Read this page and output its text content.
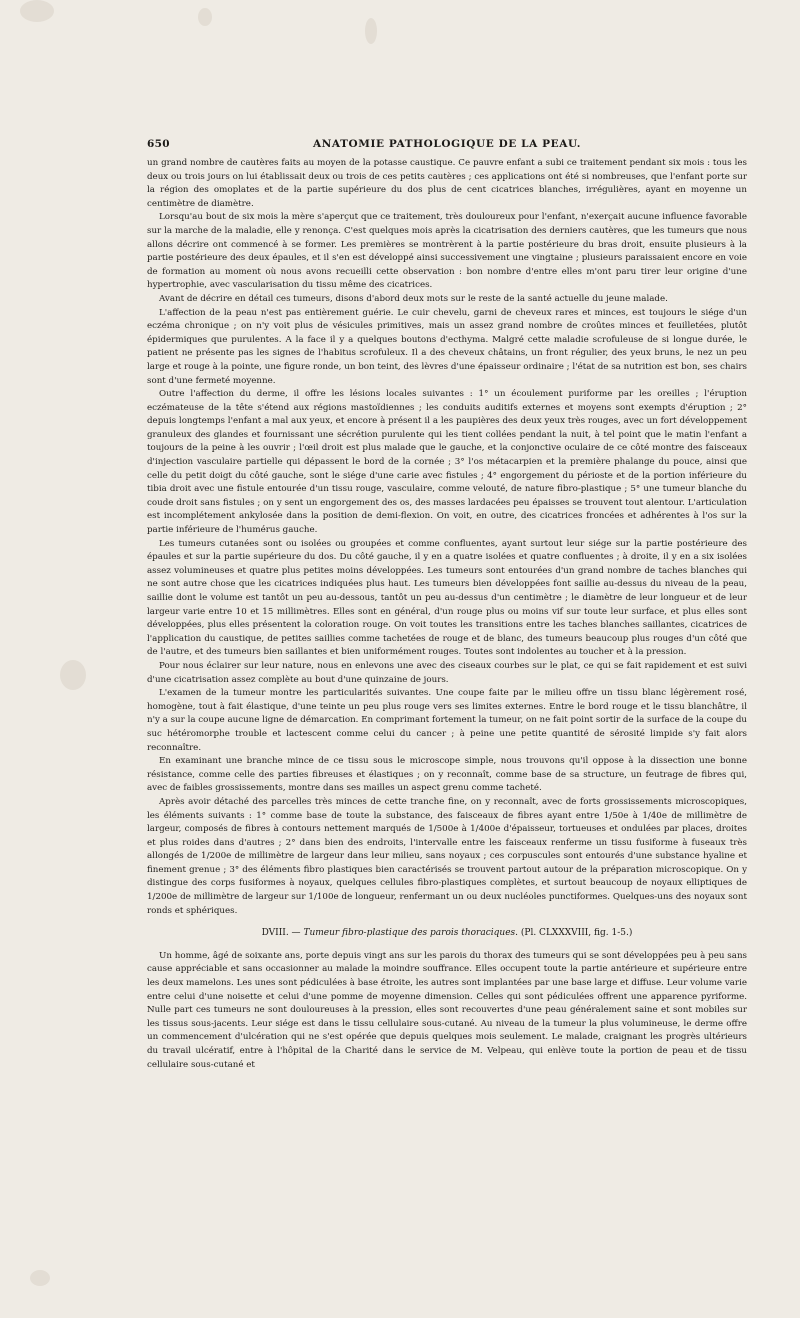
650	ANATOMIE PATHOLOGIQUE DE LA PEAU.

un grand nombre de cautères faits au moyen de la potasse caustique. Ce pauvre enfant a subi ce traitement pendant six mois : tous les deux ou trois jours on lui établissait deux ou trois de ces petits cautères ; ces applications ont été si nombreuses, que l'enfant porte sur la région des omoplates et de la partie supérieure du dos plus de cent cicatrices blanches, irrégulières, ayant en moyenne un centimètre de diamètre.

Lorsqu'au bout de six mois la mère s'aperçut que ce traitement, très douloureux pour l'enfant, n'exerçait aucune influence favorable sur la marche de la maladie, elle y renonça. C'est quelques mois après la cicatrisation des derniers cautères, que les tumeurs que nous allons décrire ont commencé à se former. Les premières se montrèrent à la partie postérieure du bras droit, ensuite plusieurs à la partie postérieure des deux épaules, et il s'en est développé ainsi successivement une vingtaine ; plusieurs paraissaient encore en voie de formation au moment où nous avons recueilli cette observation : bon nombre d'entre elles m'ont paru tirer leur origine d'une hypertrophie, avec vascularisation du tissu même des cicatrices.

Avant de décrire en détail ces tumeurs, disons d'abord deux mots sur le reste de la santé actuelle du jeune malade.

L'affection de la peau n'est pas entièrement guérie. Le cuir chevelu, garni de cheveux rares et minces, est toujours le siége d'un eczéma chronique ; on n'y voit plus de vésicules primitives, mais un assez grand nombre de croûtes minces et feuilletées, plutôt épidermiques que purulentes. A la face il y a quelques boutons d'ecthyma. Malgré cette maladie scrofuleuse de si longue durée, le patient ne présente pas les signes de l'habitus scrofuleux. Il a des cheveux châtains, un front régulier, des yeux bruns, le nez un peu large et rouge à la pointe, une figure ronde, un bon teint, des lèvres d'une épaisseur ordinaire ; l'état de sa nutrition est bon, ses chairs sont d'une fermeté moyenne.

Outre l'affection du derme, il offre les lésions locales suivantes : 1° un écoulement puriforme par les oreilles ; l'éruption eczémateuse de la tête s'étend aux régions mastoïdiennes ; les conduits auditifs externes et moyens sont exempts d'éruption ; 2° depuis longtemps l'enfant a mal aux yeux, et encore à présent il a les paupières des deux yeux très rouges, avec un fort développement granuleux des glandes et fournissant une sécrétion purulente qui les tient collées pendant la nuit, à tel point que le matin l'enfant a toujours de la peine à les ouvrir ; l'œil droit est plus malade que le gauche, et la conjonctive oculaire de ce côté montre des faisceaux d'injection vasculaire partielle qui dépassent le bord de la cornée ; 3° l'os métacarpien et la première phalange du pouce, ainsi que celle du petit doigt du côté gauche, sont le siége d'une carie avec fistules ; 4° engorgement du périoste et de la portion inférieure du tibia droit avec une fistule entourée d'un tissu rouge, vasculaire, comme velouté, de nature fibro-plastique ; 5° une tumeur blanche du coude droit sans fistules ; on y sent un engorgement des os, des masses lardacées peu épaisses se trouvent tout alentour. L'articulation est incomplétement ankylosée dans la position de demi-flexion. On voit, en outre, des cicatrices froncées et adhérentes à l'os sur la partie inférieure de l'humérus gauche.

Les tumeurs cutanées sont ou isolées ou groupées et comme confluentes, ayant surtout leur siége sur la partie postérieure des épaules et sur la partie supérieure du dos. Du côté gauche, il y en a quatre isolées et quatre confluentes ; à droite, il y en a six isolées assez volumineuses et quatre plus petites moins développées. Les tumeurs sont entourées d'un grand nombre de taches blanches qui ne sont autre chose que les cicatrices indiquées plus haut. Les tumeurs bien développées font saillie au-dessus du niveau de la peau, saillie dont le volume est tantôt un peu au-dessous, tantôt un peu au-dessus d'un centimètre ; le diamètre de leur longueur et de leur largeur varie entre 10 et 15 millimètres. Elles sont en général, d'un rouge plus ou moins vif sur toute leur surface, et plus elles sont développées, plus elles présentent la coloration rouge. On voit toutes les transitions entre les taches blanches saillantes, cicatrices de l'application du caustique, de petites saillies comme tachetées de rouge et de blanc, des tumeurs beaucoup plus rouges d'un côté que de l'autre, et des tumeurs bien saillantes et bien uniformément rouges. Toutes sont indolentes au toucher et à la pression.

Pour nous éclairer sur leur nature, nous en enlevons une avec des ciseaux courbes sur le plat, ce qui se fait rapidement et est suivi d'une cicatrisation assez complète au bout d'une quinzaine de jours.

L'examen de la tumeur montre les particularités suivantes. Une coupe faite par le milieu offre un tissu blanc légèrement rosé, homogène, tout à fait élastique, d'une teinte un peu plus rouge vers ses limites externes. Entre le bord rouge et le tissu blanchâtre, il n'y a sur la coupe aucune ligne de démarcation. En comprimant fortement la tumeur, on ne fait point sortir de la surface de la coupe du suc hétéromorphe trouble et lactescent comme celui du cancer ; à peine une petite quantité de sérosité limpide s'y fait alors reconnaître.

En examinant une branche mince de ce tissu sous le microscope simple, nous trouvons qu'il oppose à la dissection une bonne résistance, comme celle des parties fibreuses et élastiques ; on y reconnaît, comme base de sa structure, un feutrage de fibres qui, avec de faibles grossissements, montre dans ses mailles un aspect grenu comme tacheté.

Après avoir détaché des parcelles très minces de cette tranche fine, on y reconnaît, avec de forts grossissements microscopiques, les éléments suivants : 1° comme base de toute la substance, des faisceaux de fibres ayant entre 1/50e à 1/40e de millimètre de largeur, composés de fibres à contours nettement marqués de 1/500e à 1/400e d'épaisseur, tortueuses et ondulées par places, droites et plus roides dans d'autres ; 2° dans bien des endroits, l'intervalle entre les faisceaux renferme un tissu fusiforme à fuseaux très allongés de 1/200e de millimètre de largeur dans leur milieu, sans noyaux ; ces corpuscules sont entourés d'une substance hyaline et finement grenue ; 3° des éléments fibro plastiques bien caractérisés se trouvent partout autour de la préparation microscopique. On y distingue des corps fusiformes à noyaux, quelques cellules fibro-plastiques complètes, et surtout beaucoup de noyaux elliptiques de 1/200e de millimètre de largeur sur 1/100e de longueur, renfermant un ou deux nucléoles punctiformes. Quelques-uns des noyaux sont ronds et sphériques.

DVIII. — Tumeur fibro-plastique des parois thoraciques. (Pl. CLXXXVIII, fig. 1-5.)

Un homme, âgé de soixante ans, porte depuis vingt ans sur les parois du thorax des tumeurs qui se sont développées peu à peu sans cause appréciable et sans occasionner au malade la moindre souffrance. Elles occupent toute la partie antérieure et supérieure entre les deux mamelons. Les unes sont pédiculées à base étroite, les autres sont implantées par une base large et diffuse. Leur volume varie entre celui d'une noisette et celui d'une pomme de moyenne dimension. Celles qui sont pédiculées offrent une apparence pyriforme. Nulle part ces tumeurs ne sont douloureuses à la pression, elles sont recouvertes d'une peau généralement saine et sont mobiles sur les tissus sous-jacents. Leur siége est dans le tissu cellulaire sous-cutané. Au niveau de la tumeur la plus volumineuse, le derme offre un commencement d'ulcération qui ne s'est opérée que depuis quelques mois seulement. Le malade, craignant les progrès ultérieurs du travail ulcératif, entre à l'hôpital de la Charité dans le service de M. Velpeau, qui enlève toute la portion de peau et de tissu cellulaire sous-cutané et
